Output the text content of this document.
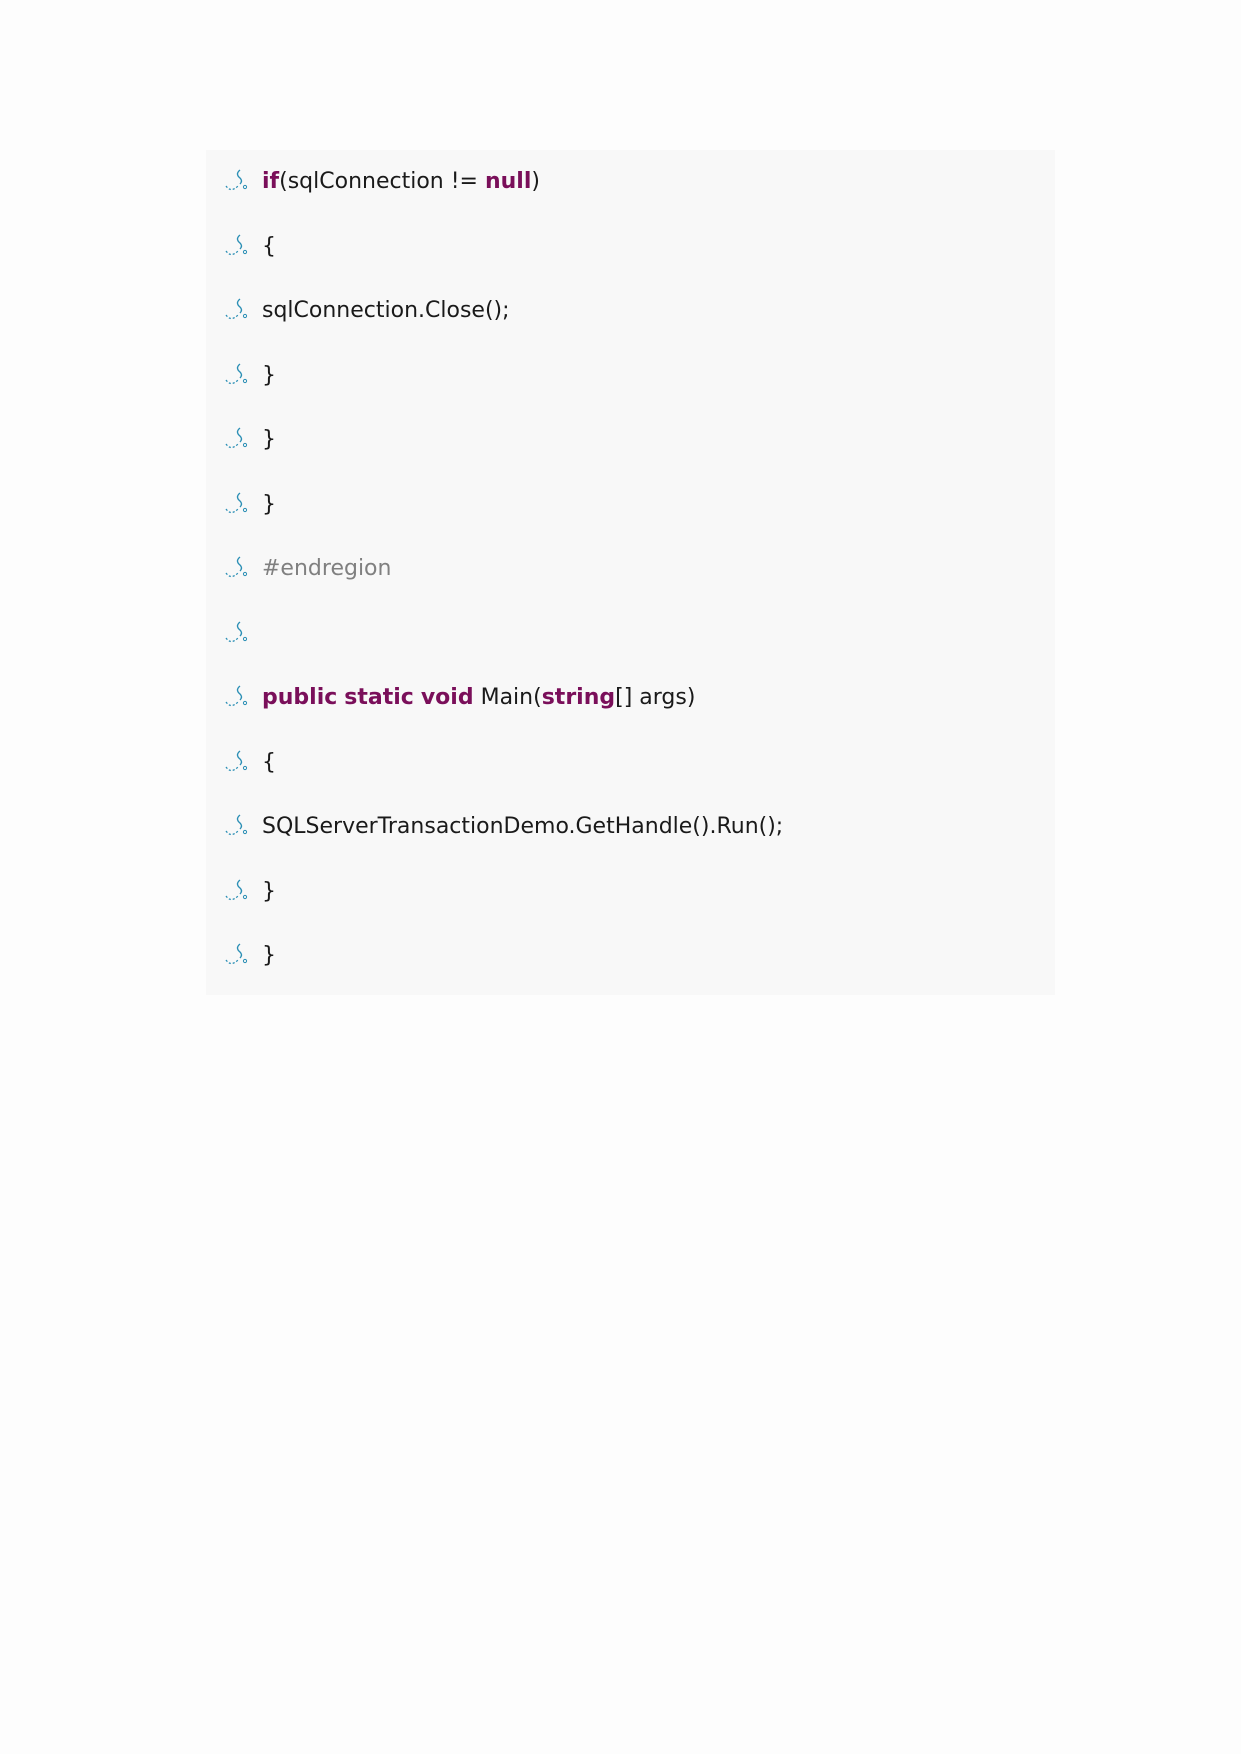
if(sqlConnection != null)
{
sqlConnection.Close();
}
}
}
#endregion
public static void Main(string[] args)
{
SQLServerTransactionDemo.GetHandle().Run();
}
}
